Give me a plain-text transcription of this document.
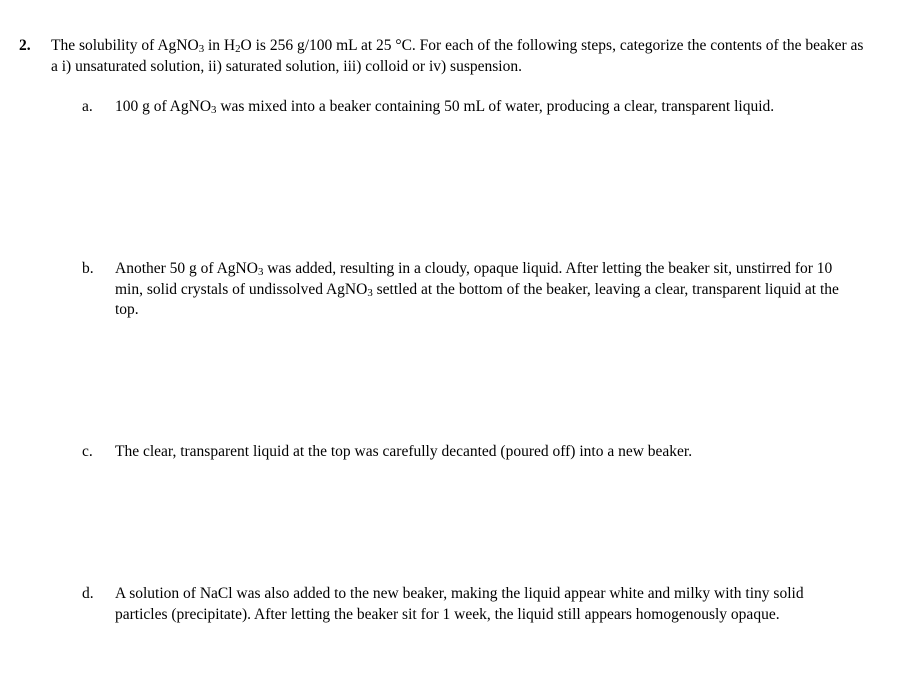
2. The solubility of AgNO$_3$ in $H_2O$ is 256 g/100 mL at 25 °C. For each of the following steps, categorize the contents of the beaker as a i) unsaturated solution, ii) saturated solution, iii) colloid or iv) suspension.
a. 100 g of AgNO$_3$ was mixed into a beaker containing 50 mL of water, producing a clear, transparent liquid.
b. Another 50 g of AgNO$_3$ was added, resulting in a cloudy, opaque liquid. After letting the beaker sit, unstirred for 10 min, solid crystals of undissolved AgNO$_3$ settled at the bottom of the beaker, leaving a clear, transparent liquid at the top.
c. The clear, transparent liquid at the top was carefully decanted (poured off) into a new beaker.
d. A solution of NaCl was also added to the new beaker, making the liquid appear white and milky with tiny solid particles (precipitate). After letting the beaker sit for 1 week, the liquid still appears homogenously opaque.
